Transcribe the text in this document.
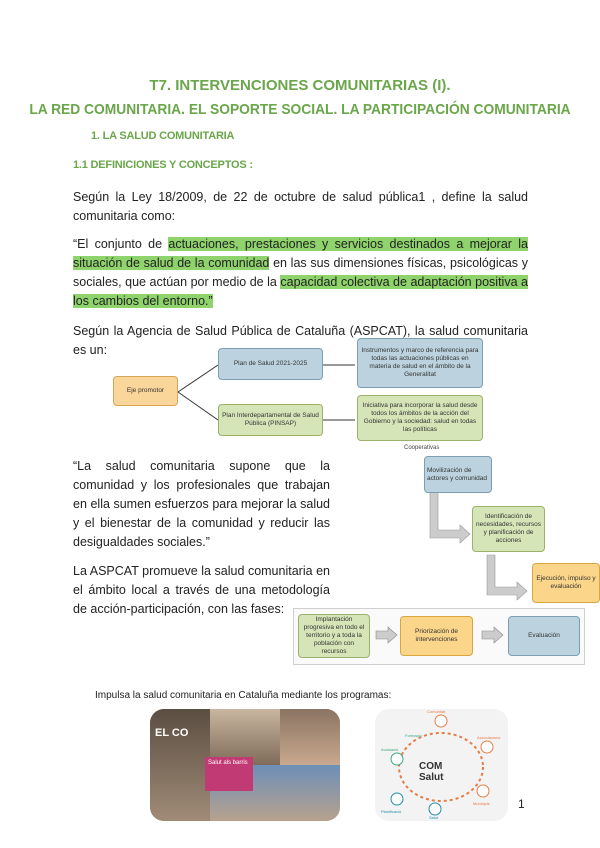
T7. INTERVENCIONES COMUNITARIAS (I).
LA RED COMUNITARIA. EL SOPORTE SOCIAL. LA PARTICIPACIÓN COMUNITARIA
1. LA SALUD COMUNITARIA
1.1 DEFINICIONES Y CONCEPTOS :
Según la Ley 18/2009, de 22 de octubre de salud pública1 , define la salud comunitaria como:
“El conjunto de actuaciones, prestaciones y servicios destinados a mejorar la situación de salud de la comunidad en las sus dimensiones físicas, psicológicas y sociales, que actúan por medio de la capacidad colectiva de adaptación positiva a los cambios del entorno.”
Según la Agencia de Salud Pública de Cataluña (ASPCAT), la salud comunitaria es un:
Eje promotor
Plan de Salud 2021-2025
Plan Interdepartamental de Salud Pública (PINSAP)
Instrumentos y marco de referencia para todas las actuaciones públicas en materia de salud en el ámbito de la Generalitat
Iniciativa para incorporar la salud desde todos los ámbitos de la acción del Gobierno y la sociedad: salud en todas las políticas
Cooperativas
“La salud comunitaria supone que la comunidad y los profesionales que trabajan en ella sumen esfuerzos para mejorar la salud y el bienestar de la comunidad y reducir las desigualdades sociales.”
Movilización de actores y comunidad
Identificación de necesidades, recursos y planificación de acciones
Ejecución, impulso y evaluación
La ASPCAT promueve la salud comunitaria en el ámbito local a través de una metodología de acción-participación, con las fases:
Implantación progresiva en todo el territorio y a toda la población con recursos
Priorización de intervenciones
Evaluación
Impulsa la salud comunitaria en Cataluña mediante los programas:
EL CO
Salut als barris	COM Salut
Comunitat
Associacions
Municipis
Salut
Planificació
Avaluació
Formació
1
